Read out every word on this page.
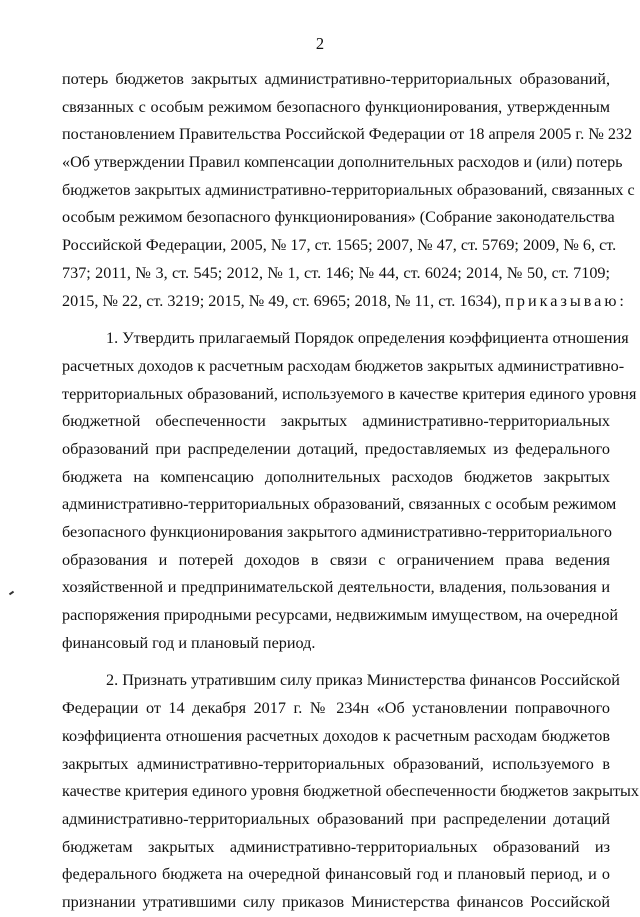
2
потерь бюджетов закрытых административно-территориальных образований,
связанных с особым режимом безопасного функционирования, утвержденным
постановлением Правительства Российской Федерации от 18 апреля 2005 г. № 232
«Об утверждении Правил компенсации дополнительных расходов и (или) потерь
бюджетов закрытых административно-территориальных образований, связанных с
особым режимом безопасного функционирования» (Собрание законодательства
Российской Федерации, 2005, № 17, ст. 1565; 2007, № 47, ст. 5769; 2009, № 6, ст.
737; 2011, № 3, ст. 545; 2012, № 1, ст. 146; № 44, ст. 6024; 2014, № 50, ст. 7109;
2015, № 22, ст. 3219; 2015, № 49, ст. 6965; 2018, № 11, ст. 1634), приказываю:
1. Утвердить прилагаемый Порядок определения коэффициента отношения
расчетных доходов к расчетным расходам бюджетов закрытых административно-
территориальных образований, используемого в качестве критерия единого уровня
бюджетной обеспеченности закрытых административно-территориальных
образований при распределении дотаций, предоставляемых из федерального
бюджета на компенсацию дополнительных расходов бюджетов закрытых
административно-территориальных образований, связанных с особым режимом
безопасного функционирования закрытого административно-территориального
образования и потерей доходов в связи с ограничением права ведения
хозяйственной и предпринимательской деятельности, владения, пользования и
распоряжения природными ресурсами, недвижимым имуществом, на очередной
финансовый год и плановый период.
2. Признать утратившим силу приказ Министерства финансов Российской
Федерации от 14 декабря 2017 г. № 234н «Об установлении поправочного
коэффициента отношения расчетных доходов к расчетным расходам бюджетов
закрытых административно-территориальных образований, используемого в
качестве критерия единого уровня бюджетной обеспеченности бюджетов закрытых
административно-территориальных образований при распределении дотаций
бюджетам закрытых административно-территориальных образований из
федерального бюджета на очередной финансовый год и плановый период, и о
признании утратившими силу приказов Министерства финансов Российской
